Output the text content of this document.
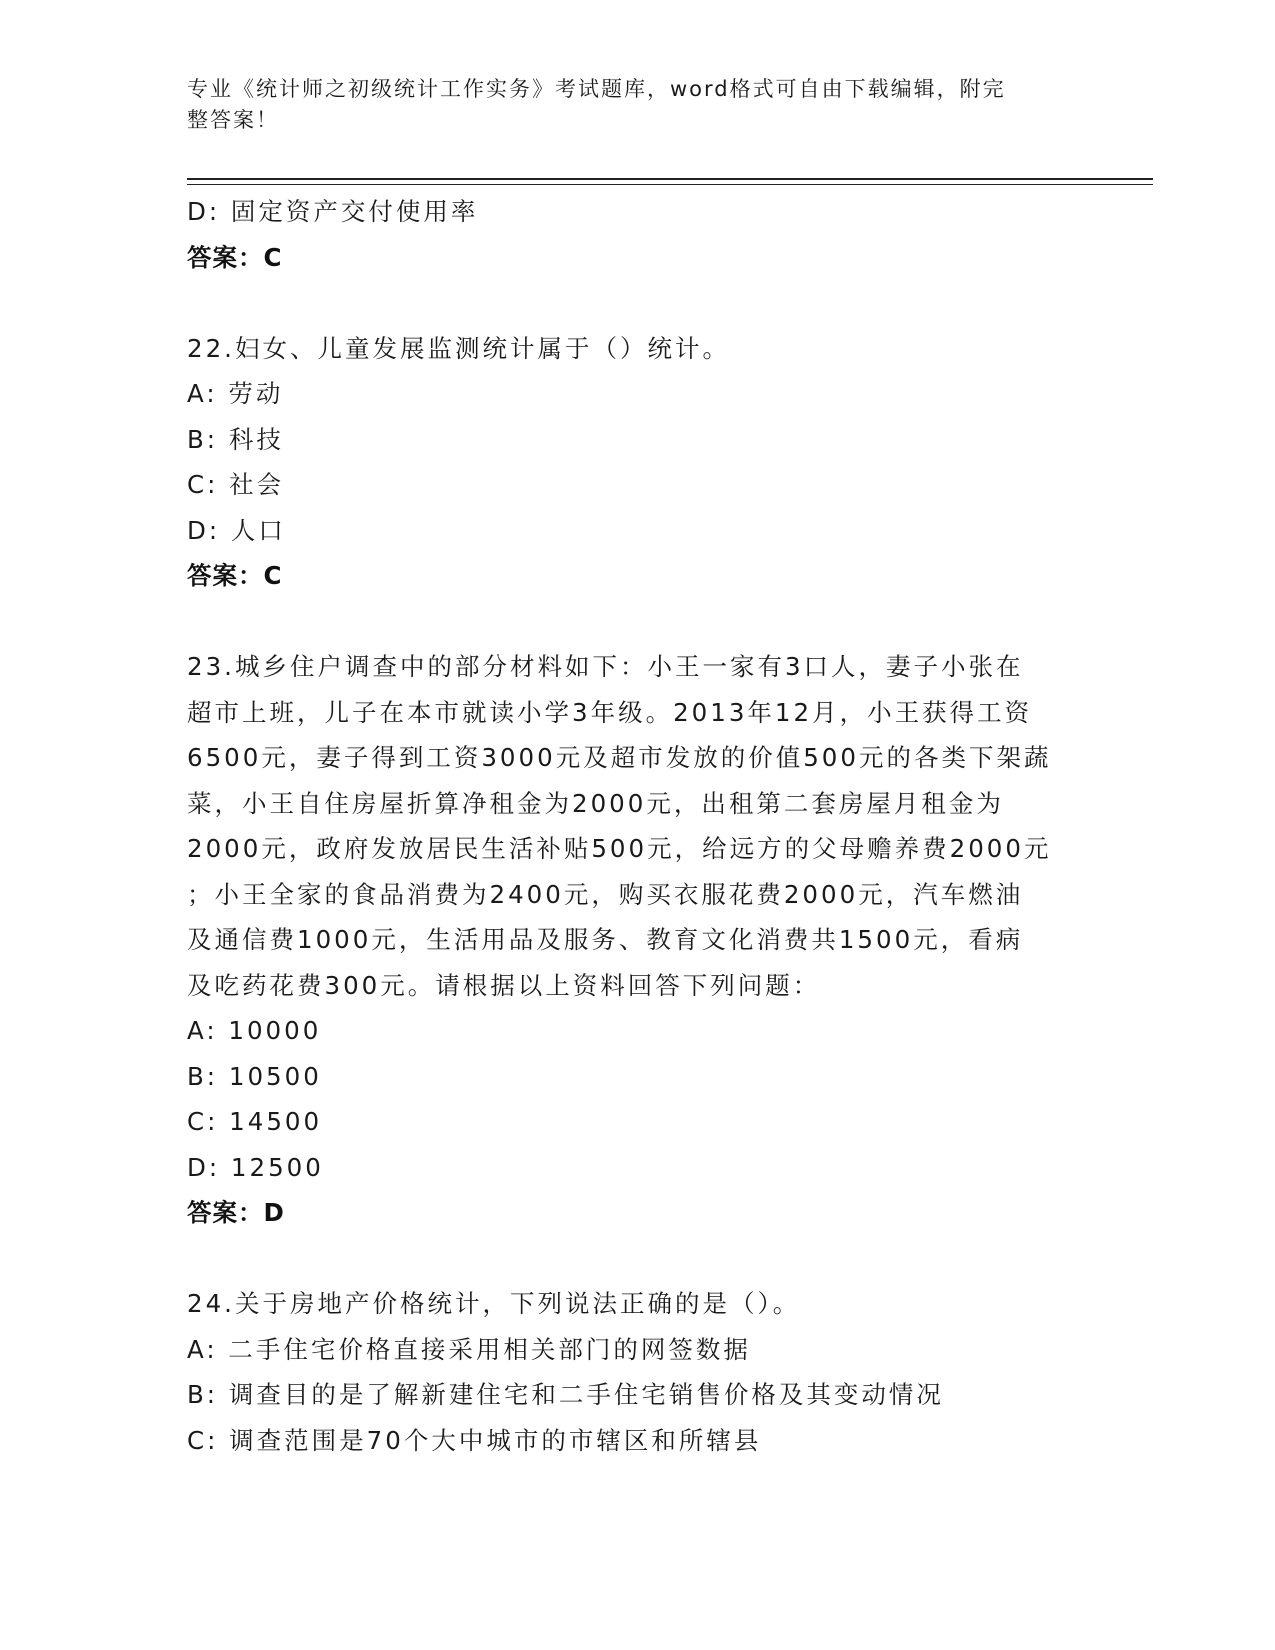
专业《统计师之初级统计工作实务》考试题库，word格式可自由下载编辑，附完
整答案！
D: 固定资产交付使用率
答案：C
22.妇女、儿童发展监测统计属于（）统计。
A: 劳动
B: 科技
C: 社会
D: 人口
答案：C
23.城乡住户调查中的部分材料如下：小王一家有3口人，妻子小张在
超市上班，儿子在本市就读小学3年级。2013年12月，小王获得工资
6500元，妻子得到工资3000元及超市发放的价值500元的各类下架蔬
菜，小王自住房屋折算净租金为2000元，出租第二套房屋月租金为
2000元，政府发放居民生活补贴500元，给远方的父母赡养费2000元
；小王全家的食品消费为2400元，购买衣服花费2000元，汽车燃油
及通信费1000元，生活用品及服务、教育文化消费共1500元，看病
及吃药花费300元。请根据以上资料回答下列问题：
A: 10000
B: 10500
C: 14500
D: 12500
答案：D
24.关于房地产价格统计，下列说法正确的是（）。
A: 二手住宅价格直接采用相关部门的网签数据
B: 调查目的是了解新建住宅和二手住宅销售价格及其变动情况
C: 调查范围是70个大中城市的市辖区和所辖县
